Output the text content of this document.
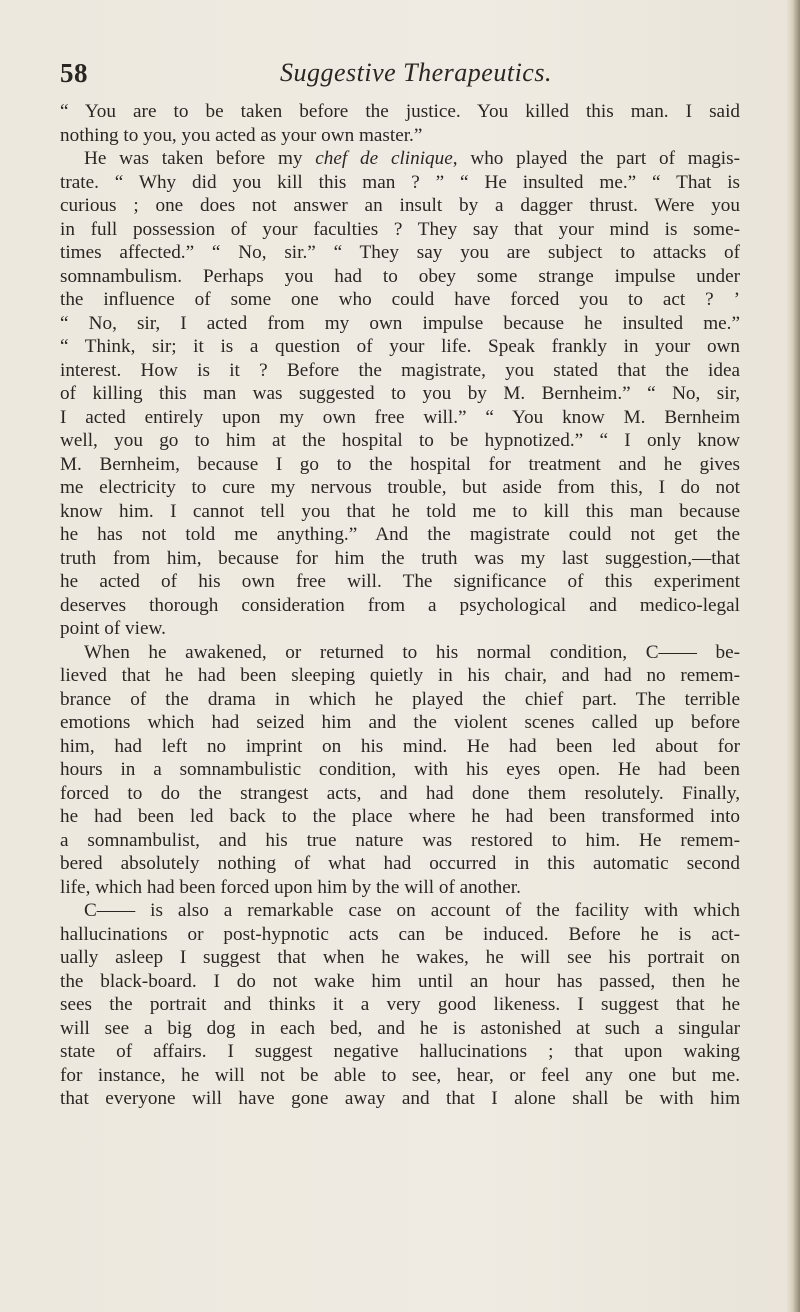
58	Suggestive Therapeutics.
“ You are to be taken before the justice. You killed this man. I said
nothing to you, you acted as your own master.”
He was taken before my chef de clinique, who played the part of magis-
trate. “ Why did you kill this man ? ” “ He insulted me.” “ That is
curious ; one does not answer an insult by a dagger thrust. Were you
in full possession of your faculties ? They say that your mind is some-
times affected.” “ No, sir.” “ They say you are subject to attacks of
somnambulism. Perhaps you had to obey some strange impulse under
the influence of some one who could have forced you to act ? ’
“ No, sir, I acted from my own impulse because he insulted me.”
“ Think, sir; it is a question of your life. Speak frankly in your own
interest. How is it ? Before the magistrate, you stated that the idea
of killing this man was suggested to you by M. Bernheim.” “ No, sir,
I acted entirely upon my own free will.” “ You know M. Bernheim
well, you go to him at the hospital to be hypnotized.” “ I only know
M. Bernheim, because I go to the hospital for treatment and he gives
me electricity to cure my nervous trouble, but aside from this, I do not
know him. I cannot tell you that he told me to kill this man because
he has not told me anything.” And the magistrate could not get the
truth from him, because for him the truth was my last suggestion,—that
he acted of his own free will. The significance of this experiment
deserves thorough consideration from a psychological and medico-legal
point of view.
When he awakened, or returned to his normal condition, C—— be-
lieved that he had been sleeping quietly in his chair, and had no remem-
brance of the drama in which he played the chief part. The terrible
emotions which had seized him and the violent scenes called up before
him, had left no imprint on his mind. He had been led about for
hours in a somnambulistic condition, with his eyes open. He had been
forced to do the strangest acts, and had done them resolutely. Finally,
he had been led back to the place where he had been transformed into
a somnambulist, and his true nature was restored to him. He remem-
bered absolutely nothing of what had occurred in this automatic second
life, which had been forced upon him by the will of another.
C—— is also a remarkable case on account of the facility with which
hallucinations or post-hypnotic acts can be induced. Before he is act-
ually asleep I suggest that when he wakes, he will see his portrait on
the black-board. I do not wake him until an hour has passed, then he
sees the portrait and thinks it a very good likeness. I suggest that he
will see a big dog in each bed, and he is astonished at such a singular
state of affairs. I suggest negative hallucinations ; that upon waking
for instance, he will not be able to see, hear, or feel any one but me.
that everyone will have gone away and that I alone shall be with him
